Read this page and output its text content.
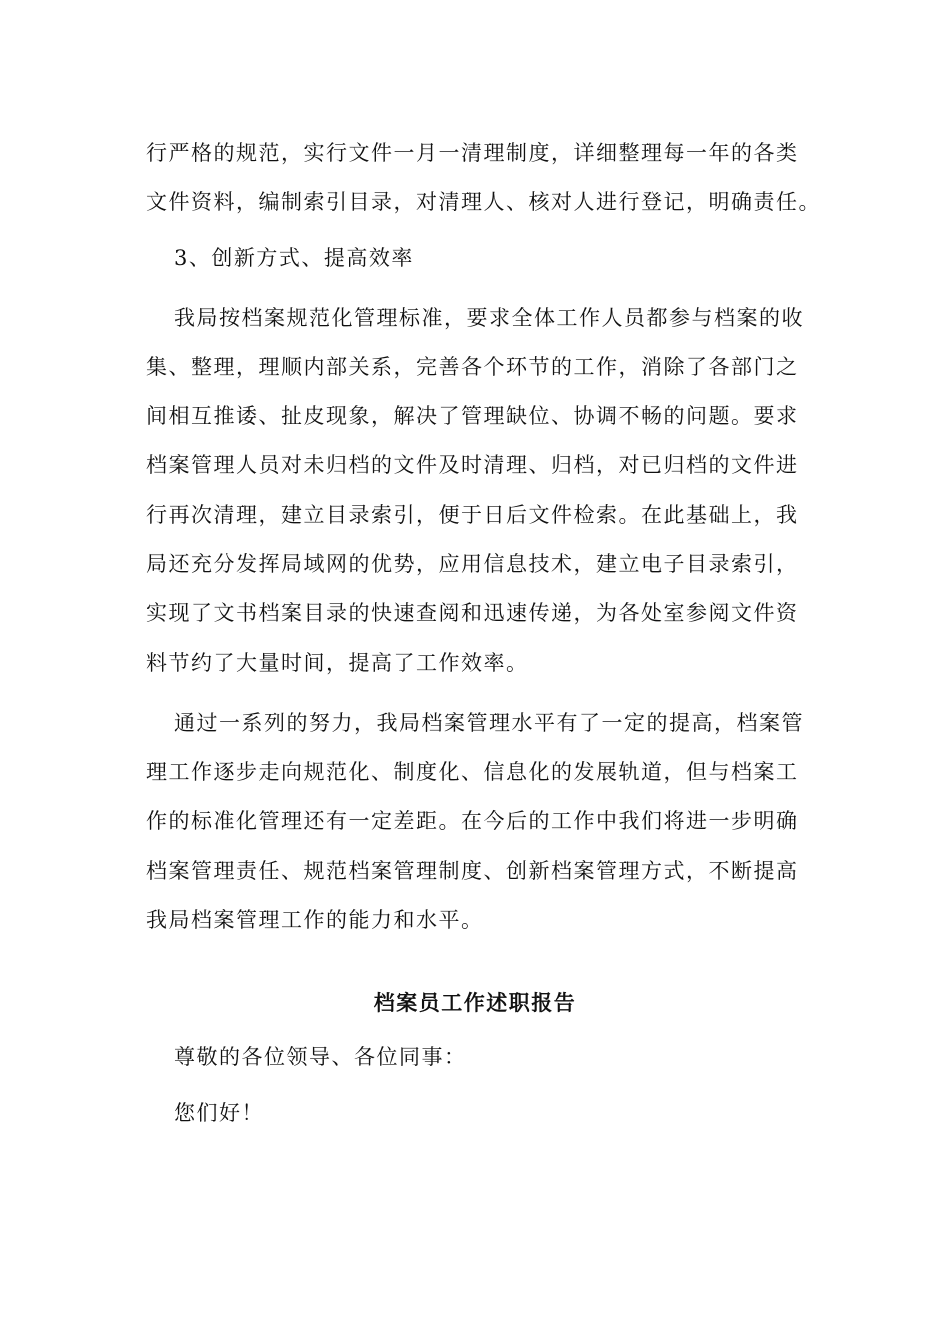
行严格的规范，实行文件一月一清理制度，详细整理每一年的各类
文件资料，编制索引目录，对清理人、核对人进行登记，明确责任。
3、创新方式、提高效率
我局按档案规范化管理标准，要求全体工作人员都参与档案的收
集、整理，理顺内部关系，完善各个环节的工作，消除了各部门之
间相互推诿、扯皮现象，解决了管理缺位、协调不畅的问题。要求
档案管理人员对未归档的文件及时清理、归档，对已归档的文件进
行再次清理，建立目录索引，便于日后文件检索。在此基础上，我
局还充分发挥局域网的优势，应用信息技术，建立电子目录索引，
实现了文书档案目录的快速查阅和迅速传递，为各处室参阅文件资
料节约了大量时间，提高了工作效率。
通过一系列的努力，我局档案管理水平有了一定的提高，档案管
理工作逐步走向规范化、制度化、信息化的发展轨道，但与档案工
作的标准化管理还有一定差距。在今后的工作中我们将进一步明确
档案管理责任、规范档案管理制度、创新档案管理方式，不断提高
我局档案管理工作的能力和水平。
档案员工作述职报告
尊敬的各位领导、各位同事：
您们好！
